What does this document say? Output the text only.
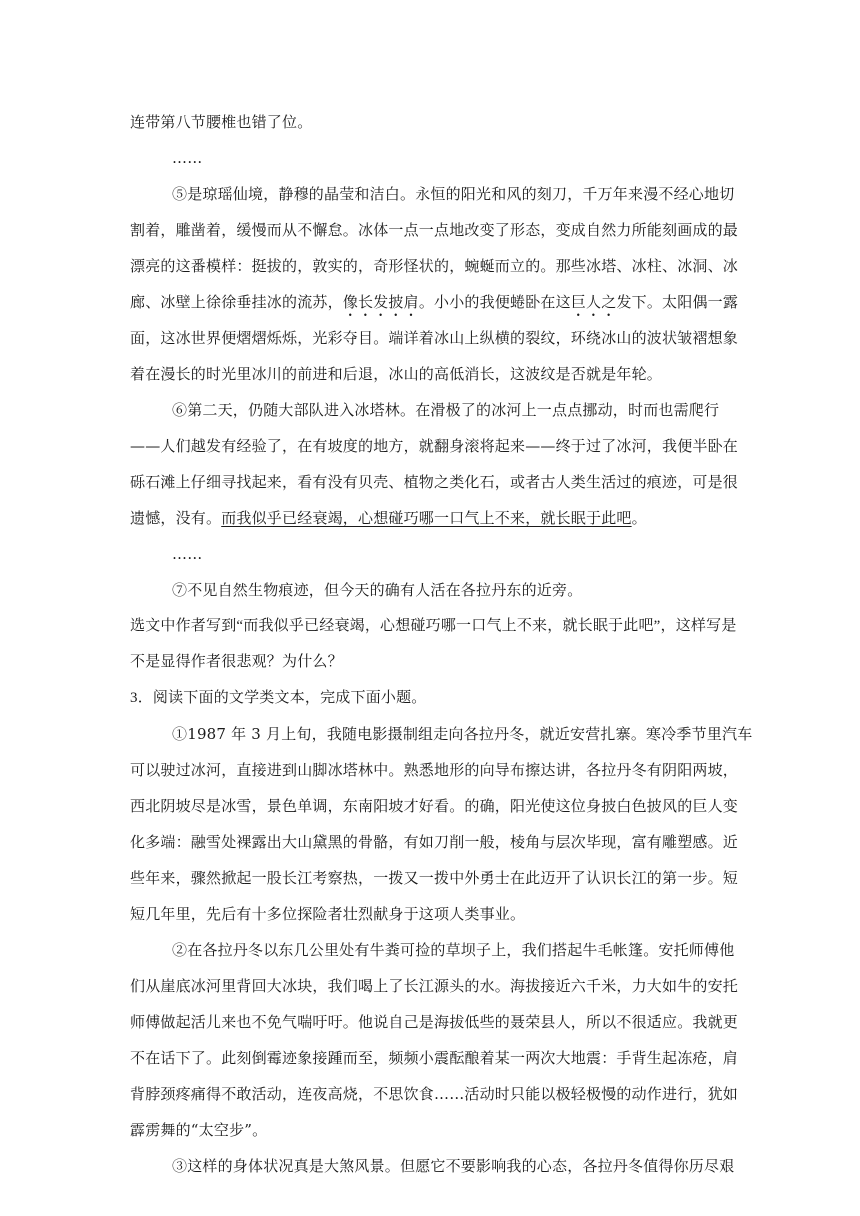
连带第八节腰椎也错了位。
……
⑤是琼瑶仙境，静穆的晶莹和洁白。永恒的阳光和风的刻刀，千万年来漫不经心地切
割着，雕凿着，缓慢而从不懈怠。冰体一点一点地改变了形态，变成自然力所能刻画成的最
漂亮的这番模样：挺拔的，敦实的，奇形怪状的，蜿蜒而立的。那些冰塔、冰柱、冰洞、冰
廊、冰壁上徐徐垂挂冰的流苏，像长发披肩。小小的我便蜷卧在这巨人之发下。太阳偶一露
面，这冰世界便熠熠烁烁，光彩夺目。端详着冰山上纵横的裂纹，环绕冰山的波状皱褶想象
着在漫长的时光里冰川的前进和后退，冰山的高低消长，这波纹是否就是年轮。
⑥第二天，仍随大部队进入冰塔林。在滑极了的冰河上一点点挪动，时而也需爬行
——人们越发有经验了，在有坡度的地方，就翻身滚将起来——终于过了冰河，我便半卧在
砾石滩上仔细寻找起来，看有没有贝壳、植物之类化石，或者古人类生活过的痕迹，可是很
遗憾，没有。而我似乎已经衰竭，心想碰巧哪一口气上不来，就长眠于此吧。
……
⑦不见自然生物痕迹，但今天的确有人活在各拉丹东的近旁。
选文中作者写到“而我似乎已经衰竭，心想碰巧哪一口气上不来，就长眠于此吧”，这样写是
不是显得作者很悲观？为什么？
3．阅读下面的文学类文本，完成下面小题。
①1987 年 3 月上旬，我随电影摄制组走向各拉丹冬，就近安营扎寨。寒冷季节里汽车
可以驶过冰河，直接进到山脚冰塔林中。熟悉地形的向导布擦达讲，各拉丹冬有阴阳两坡，
西北阴坡尽是冰雪，景色单调，东南阳坡才好看。的确，阳光使这位身披白色披风的巨人变
化多端：融雪处裸露出大山黛黑的骨骼，有如刀削一般，棱角与层次毕现，富有雕塑感。近
些年来，骤然掀起一股长江考察热，一拨又一拨中外勇士在此迈开了认识长江的第一步。短
短几年里，先后有十多位探险者壮烈献身于这项人类事业。
②在各拉丹冬以东几公里处有牛粪可捡的草坝子上，我们搭起牛毛帐篷。安托师傅他
们从崖底冰河里背回大冰块，我们喝上了长江源头的水。海拔接近六千米，力大如牛的安托
师傅做起活儿来也不免气喘吁吁。他说自己是海拔低些的聂荣县人，所以不很适应。我就更
不在话下了。此刻倒霉迹象接踵而至，频频小震酝酿着某一两次大地震：手背生起冻疮，肩
背脖颈疼痛得不敢活动，连夜高烧，不思饮食……活动时只能以极轻极慢的动作进行，犹如
霹雳舞的“太空步”。
③这样的身体状况真是大煞风景。但愿它不要影响我的心态，各拉丹冬值得你历尽艰
